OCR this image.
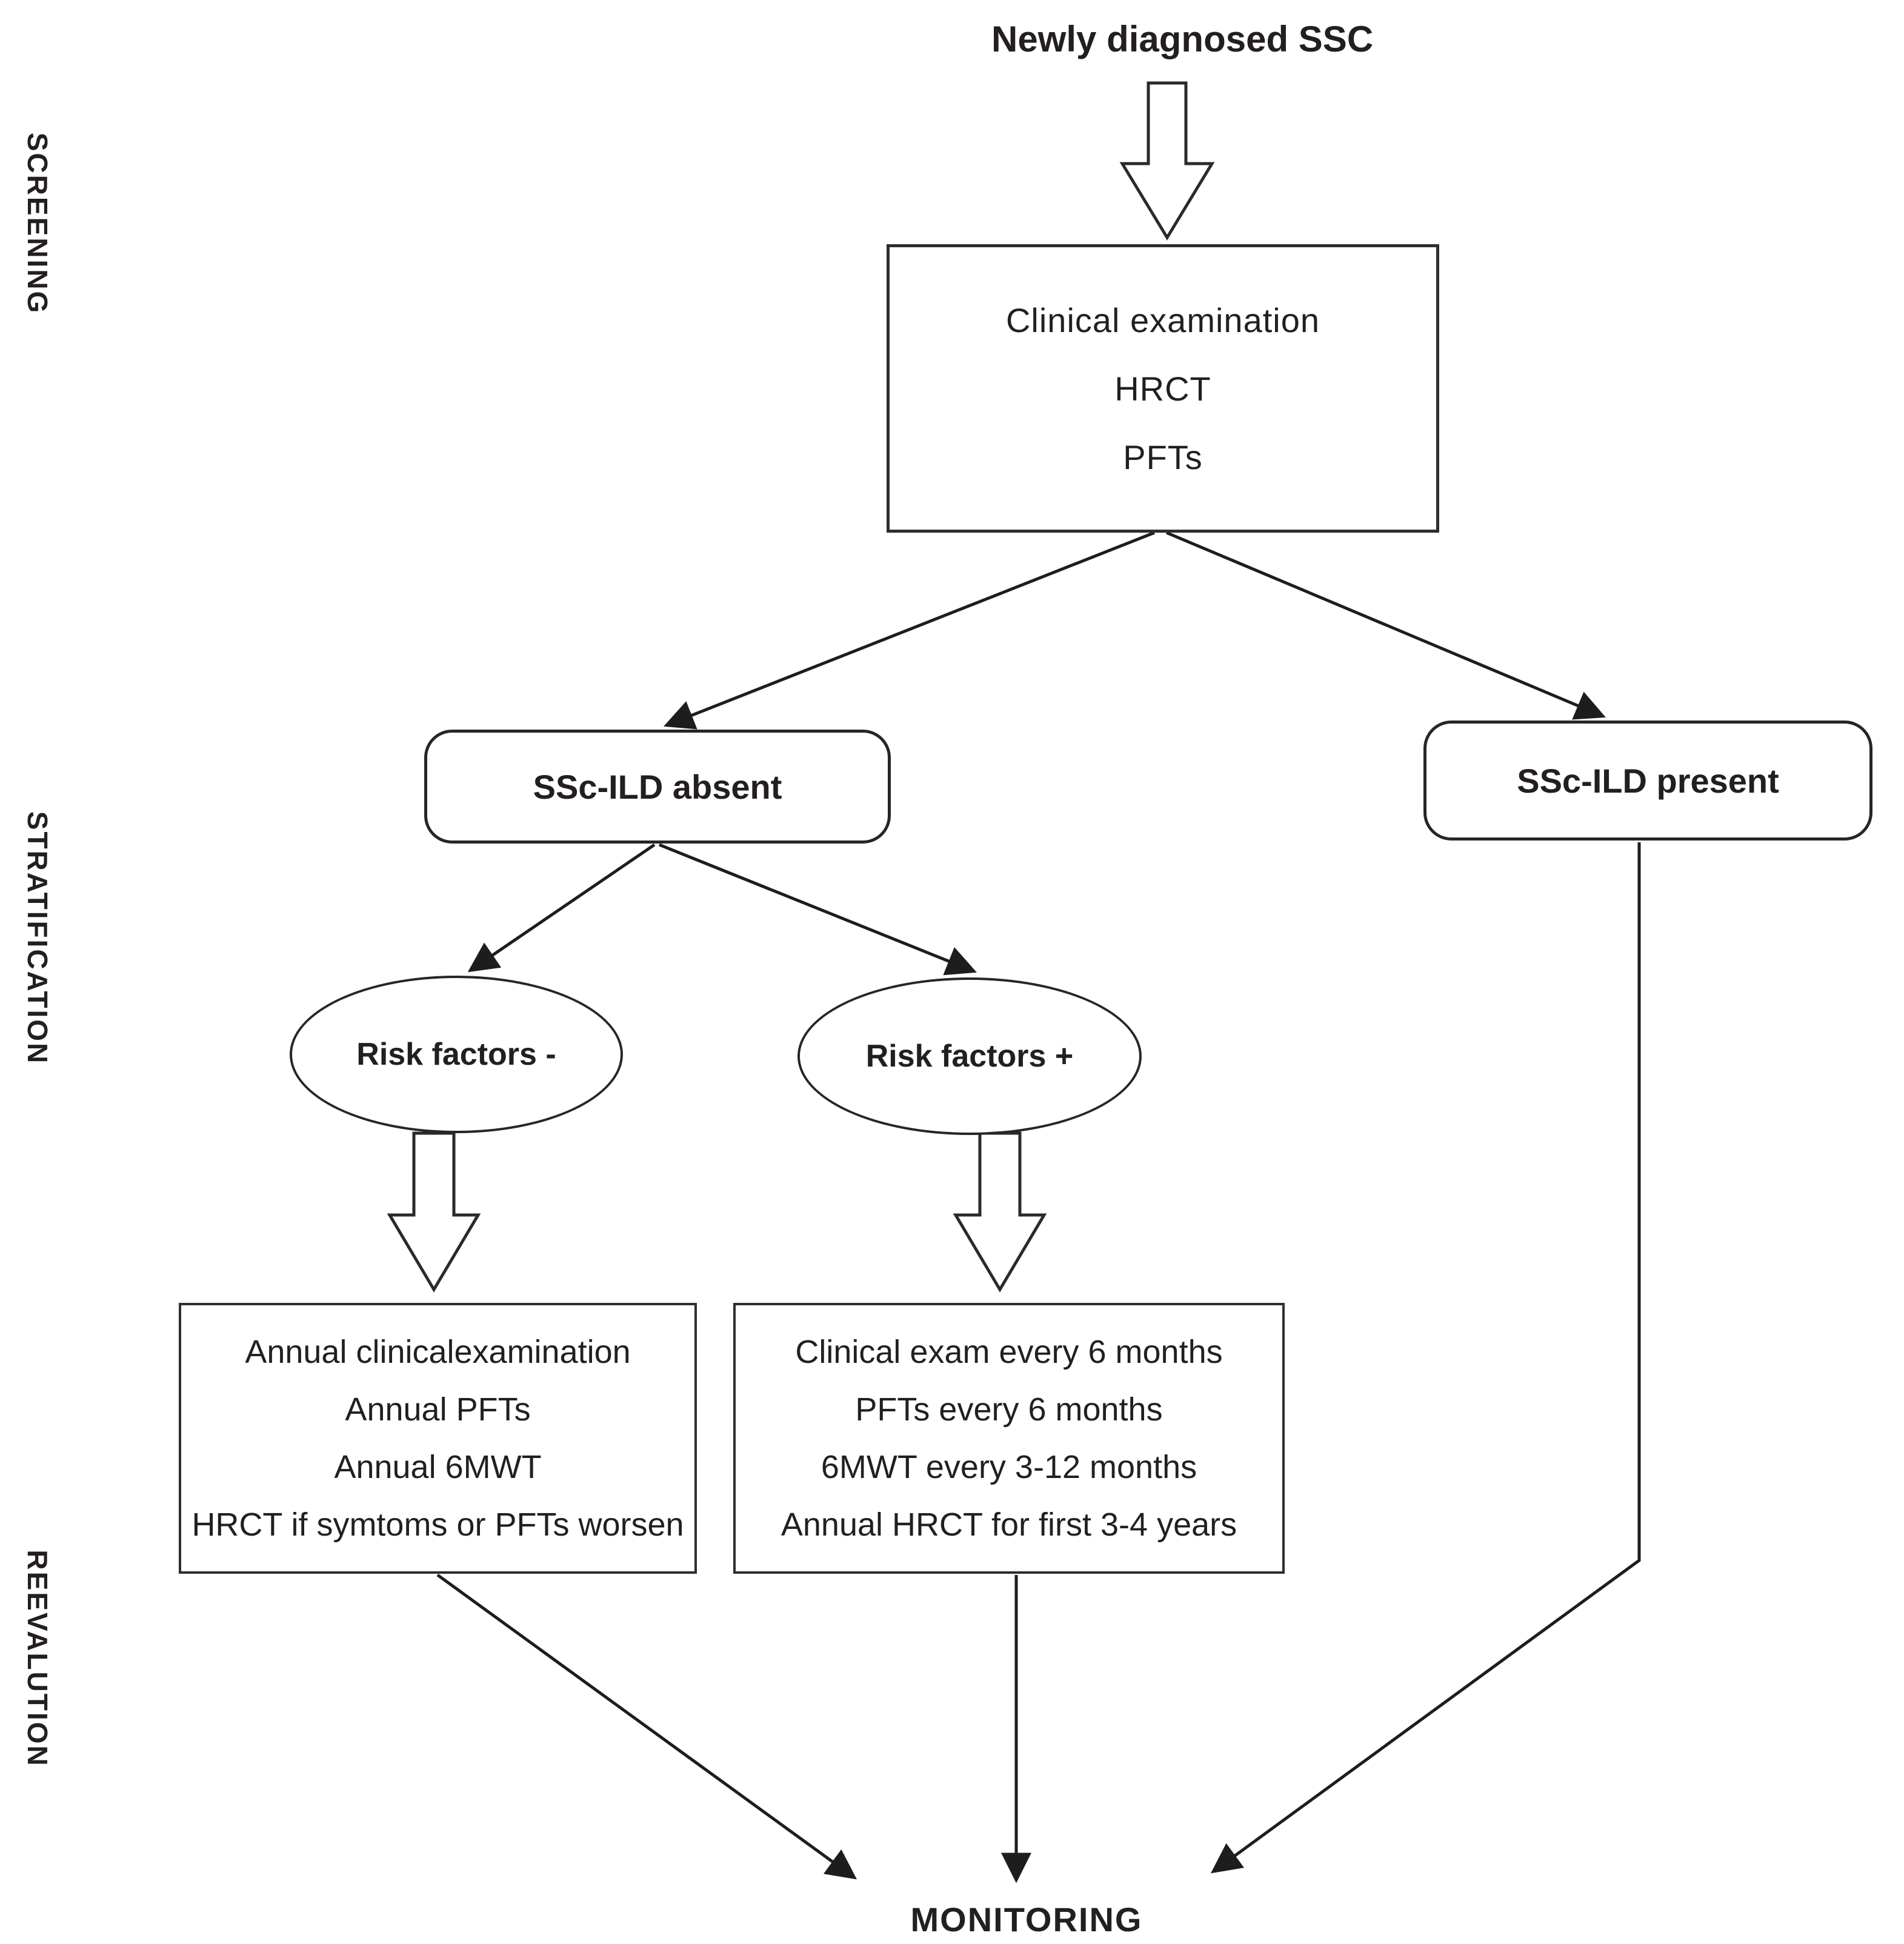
Newly diagnosed SSC
SCREENING
STRATIFICATION
REEVALUTION
Clinical examination
HRCT
PFTs
SSc-ILD absent	SSc-ILD present
Risk factors -	Risk factors +
Annual clinicalexamination
Annual PFTs
Annual 6MWT
HRCT if symtoms or PFTs worsen
Clinical exam every 6 months
PFTs every 6 months
6MWT every 3-12 months
Annual HRCT for first 3-4 years
MONITORING
